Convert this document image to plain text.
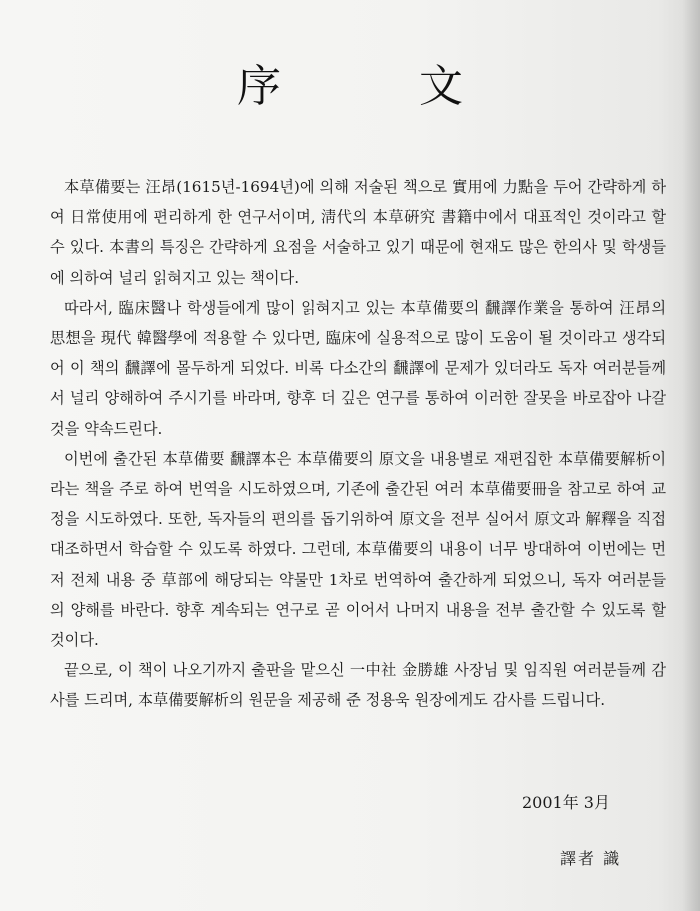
序 文

本草備要는 汪昂(1615년-1694년)에 의해 저술된 책으로 實用에 力點을 두어 간략하게 하여 日常使用에 편리하게 한 연구서이며, 淸代의 本草硏究 書籍中에서 대표적인 것이라고 할 수 있다. 本書의 특징은 간략하게 요점을 서술하고 있기 때문에 현재도 많은 한의사 및 학생들에 의하여 널리 읽혀지고 있는 책이다.

따라서, 臨床醫나 학생들에게 많이 읽혀지고 있는 本草備要의 飜譯作業을 통하여 汪昂의 思想을 現代 韓醫學에 적용할 수 있다면, 臨床에 실용적으로 많이 도움이 될 것이라고 생각되어 이 책의 飜譯에 몰두하게 되었다. 비록 다소간의 飜譯에 문제가 있더라도 독자 여러분들께서 널리 양해하여 주시기를 바라며, 향후 더 깊은 연구를 통하여 이러한 잘못을 바로잡아 나갈 것을 약속드린다.

이번에 출간된 本草備要 飜譯本은 本草備要의 原文을 내용별로 재편집한 本草備要解析이라는 책을 주로 하여 번역을 시도하였으며, 기존에 출간된 여러 本草備要冊을 참고로 하여 교정을 시도하였다. 또한, 독자들의 편의를 돕기위하여 原文을 전부 실어서 原文과 解釋을 직접 대조하면서 학습할 수 있도록 하였다. 그런데, 本草備要의 내용이 너무 방대하여 이번에는 먼저 전체 내용 중 草部에 해당되는 약물만 1차로 번역하여 출간하게 되었으니, 독자 여러분들의 양해를 바란다. 향후 계속되는 연구로 곧 이어서 나머지 내용을 전부 출간할 수 있도록 할 것이다.

끝으로, 이 책이 나오기까지 출판을 맡으신 一中社 金勝雄 사장님 및 임직원 여러분들께 감사를 드리며, 本草備要解析의 원문을 제공해 준 정용욱 원장에게도 감사를 드립니다.

2001年 3月
譯者 識
